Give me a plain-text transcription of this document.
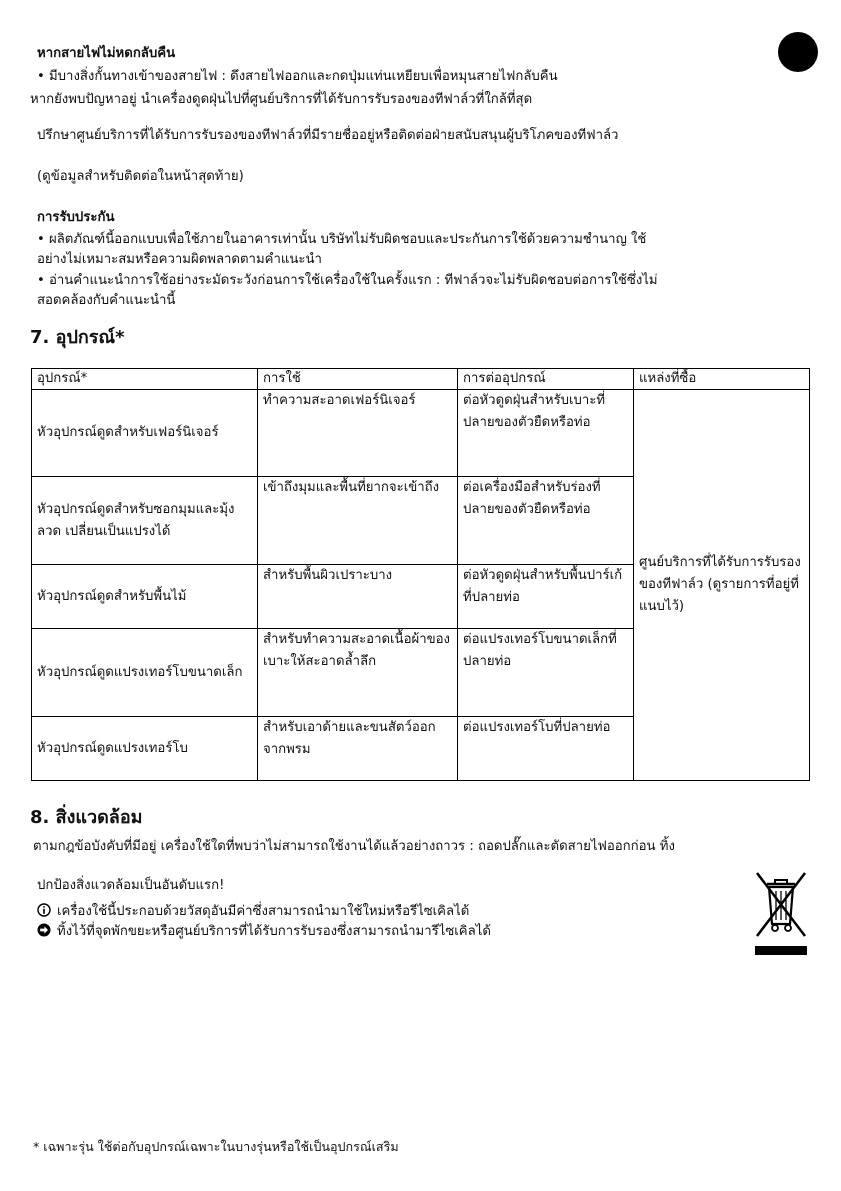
หากสายไฟไม่หดกลับคืน
• มีบางสิ่งกั้นทางเข้าของสายไฟ : ดึงสายไฟออกและกดปุ่มแท่นเหยียบเพื่อหมุนสายไฟกลับคืน
หากยังพบปัญหาอยู่ นำเครื่องดูดฝุ่นไปที่ศูนย์บริการที่ได้รับการรับรองของทีฟาล์วที่ใกล้ที่สุด
ปรึกษาศูนย์บริการที่ได้รับการรับรองของทีฟาล์วที่มีรายชื่ออยู่หรือติดต่อฝ่ายสนับสนุนผู้บริโภคของทีฟาล์ว
(ดูข้อมูลสำหรับติดต่อในหน้าสุดท้าย)
การรับประกัน
• ผลิตภัณฑ์นี้ออกแบบเพื่อใช้ภายในอาคารเท่านั้น บริษัทไม่รับผิดชอบและประกันการใช้ด้วยความชำนาญ ใช้
อย่างไม่เหมาะสมหรือความผิดพลาดตามคำแนะนำ
• อ่านคำแนะนำการใช้อย่างระมัดระวังก่อนการใช้เครื่องใช้ในครั้งแรก : ทีฟาล์วจะไม่รับผิดชอบต่อการใช้ซึ่งไม่
สอดคล้องกับคำแนะนำนี้
7. อุปกรณ์*
อุปกรณ์*	การใช้	การต่ออุปกรณ์	แหล่งที่ซื้อ
หัวอุปกรณ์ดูดสำหรับเฟอร์นิเจอร์	ทำความสะอาดเฟอร์นิเจอร์	ต่อหัวดูดฝุ่นสำหรับเบาะที่ปลายของตัวยืดหรือท่อ	ศูนย์บริการที่ได้รับการรับรองของทีฟาล์ว (ดูรายการที่อยู่ที่แนบไว้)
หัวอุปกรณ์ดูดสำหรับซอกมุมและมุ้งลวด เปลี่ยนเป็นแปรงได้	เข้าถึงมุมและพื้นที่ยากจะเข้าถึง	ต่อเครื่องมือสำหรับร่องที่ปลายของตัวยืดหรือท่อ	
หัวอุปกรณ์ดูดสำหรับพื้นไม้	สำหรับพื้นผิวเปราะบาง	ต่อหัวดูดฝุ่นสำหรับพื้นปาร์เก้ที่ปลายท่อ	
หัวอุปกรณ์ดูดแปรงเทอร์โบขนาดเล็ก	สำหรับทำความสะอาดเนื้อผ้าของเบาะให้สะอาดล้ำลึก	ต่อแปรงเทอร์โบขนาดเล็กที่ปลายท่อ	
หัวอุปกรณ์ดูดแปรงเทอร์โบ	สำหรับเอาด้ายและขนสัตว์ออกจากพรม	ต่อแปรงเทอร์โบที่ปลายท่อ	
8. สิ่งแวดล้อม
ตามกฎข้อบังคับที่มีอยู่ เครื่องใช้ใดที่พบว่าไม่สามารถใช้งานได้แล้วอย่างถาวร : ถอดปลั๊กและตัดสายไฟออกก่อน ทิ้ง
ปกป้องสิ่งแวดล้อมเป็นอันดับแรก!
เครื่องใช้นี้ประกอบด้วยวัสดุอันมีค่าซึ่งสามารถนำมาใช้ใหม่หรือรีไซเคิลได้
ทิ้งไว้ที่จุดพักขยะหรือศูนย์บริการที่ได้รับการรับรองซึ่งสามารถนำมารีไซเคิลได้
* เฉพาะรุ่น ใช้ต่อกับอุปกรณ์เฉพาะในบางรุ่นหรือใช้เป็นอุปกรณ์เสริม
